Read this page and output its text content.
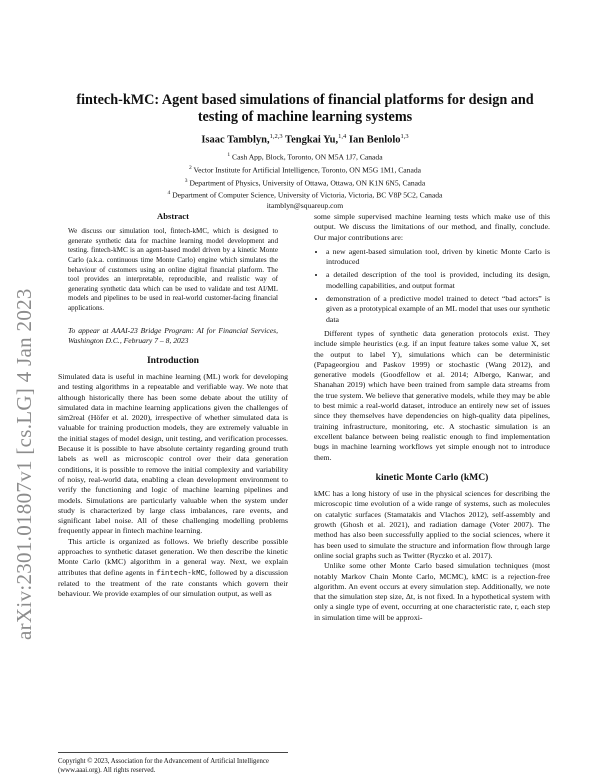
arXiv:2301.01807v1 [cs.LG] 4 Jan 2023
fintech-kMC: Agent based simulations of financial platforms for design and testing of machine learning systems
Isaac Tamblyn,$^{1,2,3}$ Tengkai Yu,$^{1,4}$ Ian Benlolo$^{1,3}$
$^1$ Cash App, Block, Toronto, ON M5A 1J7, Canada
$^2$ Vector Institute for Artificial Intelligence, Toronto, ON M5G 1M1, Canada
$^3$ Department of Physics, University of Ottawa, Ottawa, ON K1N 6N5, Canada
$^4$ Department of Computer Science, University of Victoria, Victoria, BC V8P 5C2, Canada
itamblyn@squareup.com
Abstract

We discuss our simulation tool, fintech-kMC, which is designed to generate synthetic data for machine learning model development and testing. fintech-kMC is an agent-based model driven by a kinetic Monte Carlo (a.k.a. continuous time Monte Carlo) engine which simulates the behaviour of customers using an online digital financial platform. The tool provides an interpretable, reproducible, and realistic way of generating synthetic data which can be used to validate and test AI/ML models and pipelines to be used in real-world customer-facing financial applications.

To appear at AAAI-23 Bridge Program: AI for Financial Services, Washington D.C., February 7 – 8, 2023

Introduction

Simulated data is useful in machine learning (ML) work for developing and testing algorithms in a repeatable and verifiable way. We note that although historically there has been some debate about the utility of simulated data in machine learning applications given the challenges of sim2real (Höfer et al. 2020), irrespective of whether simulated data is valuable for training production models, they are extremely valuable in the initial stages of model design, unit testing, and verification processes. Because it is possible to have absolute certainty regarding ground truth labels as well as microscopic control over their data generation conditions, it is possible to remove the initial complexity and variability of noisy, real-world data, enabling a clean development environment to verify the functioning and logic of machine learning pipelines and models. Simulations are particularly valuable when the system under study is characterized by large class imbalances, rare events, and significant label noise. All of these challenging modelling problems frequently appear in fintech machine learning.

This article is organized as follows. We briefly describe possible approaches to synthetic dataset generation. We then describe the kinetic Monte Carlo (kMC) algorithm in a general way. Next, we explain attributes that define agents in fintech-kMC, followed by a discussion related to the treatment of the rate constants which govern their behaviour. We provide examples of our simulation output, as well as

Copyright © 2023, Association for the Advancement of Artificial Intelligence (www.aaai.org). All rights reserved.

some simple supervised machine learning tests which make use of this output. We discuss the limitations of our method, and finally, conclude. Our major contributions are:

• a new agent-based simulation tool, driven by kinetic Monte Carlo is introduced
• a detailed description of the tool is provided, including its design, modelling capabilities, and output format
• demonstration of a predictive model trained to detect “bad actors” is given as a prototypical example of an ML model that uses our synthetic data

Different types of synthetic data generation protocols exist. They include simple heuristics (e.g. if an input feature takes some value X, set the output to label Y), simulations which can be deterministic (Papageorgiou and Paskov 1999) or stochastic (Wang 2012), and generative models (Goodfellow et al. 2014; Albergo, Kanwar, and Shanahan 2019) which have been trained from sample data streams from the true system. We believe that generative models, while they may be able to best mimic a real-world dataset, introduce an entirely new set of issues since they themselves have dependencies on high-quality data pipelines, training infrastructure, monitoring, etc. A stochastic simulation is an excellent balance between being realistic enough to find implementation bugs in machine learning workflows yet simple enough not to introduce them.

kinetic Monte Carlo (kMC)

kMC has a long history of use in the physical sciences for describing the microscopic time evolution of a wide range of systems, such as molecules on catalytic surfaces (Stamatakis and Vlachos 2012), self-assembly and growth (Ghosh et al. 2021), and radiation damage (Voter 2007). The method has also been successfully applied to the social sciences, where it has been used to simulate the structure and information flow through large online social graphs such as Twitter (Ryczko et al. 2017).

Unlike some other Monte Carlo based simulation techniques (most notably Markov Chain Monte Carlo, MCMC), kMC is a rejection-free algorithm. An event occurs at every simulation step. Additionally, we note that the simulation step size, Δt, is not fixed. In a hypothetical system with only a single type of event, occurring at one characteristic rate, r, each step in simulation time will be approxi-
